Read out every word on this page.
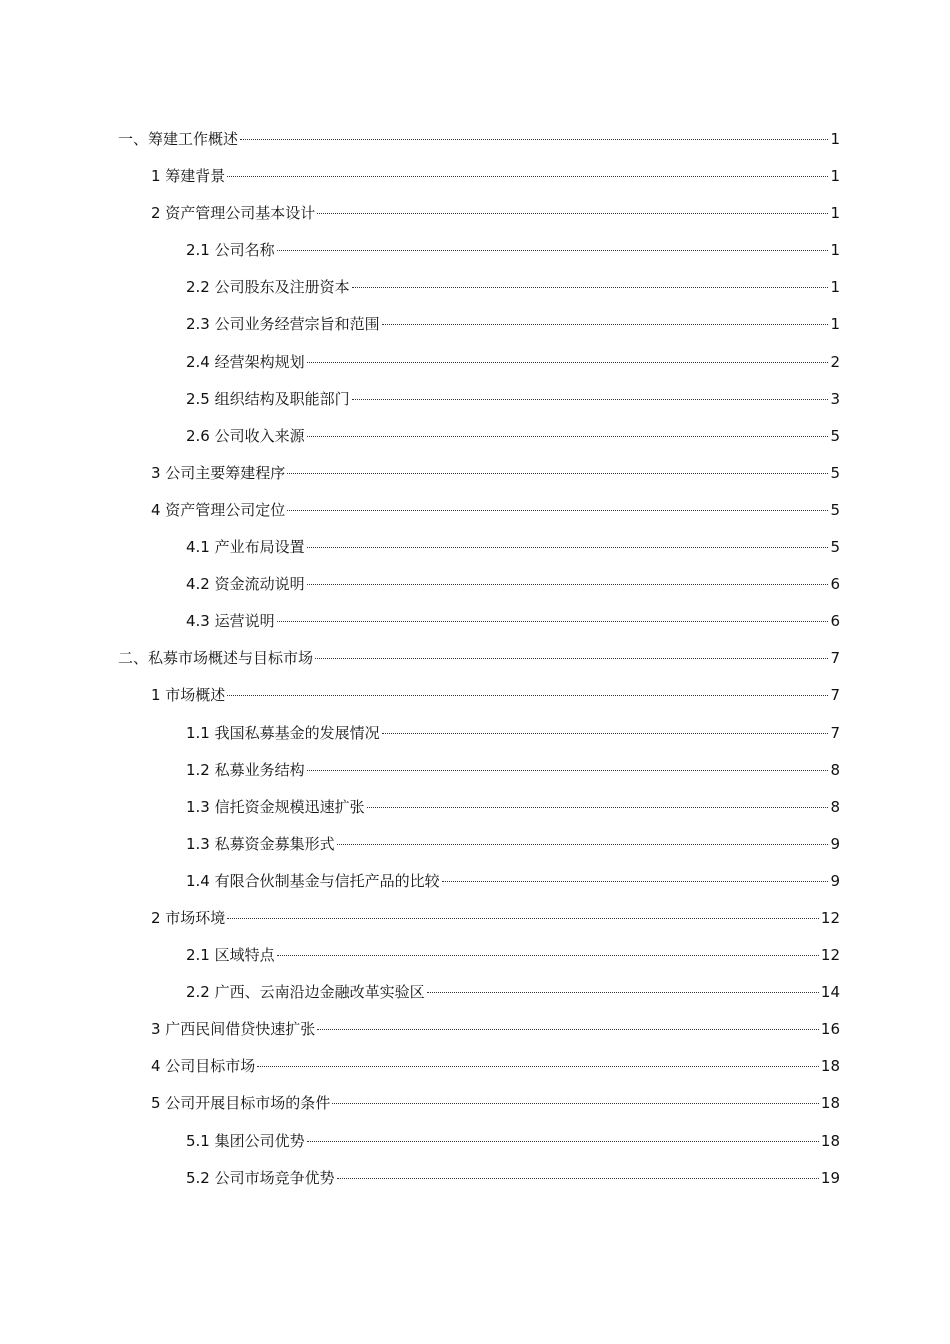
一、筹建工作概述	1
1 筹建背景	1
2 资产管理公司基本设计	1
2.1 公司名称	1
2.2 公司股东及注册资本	1
2.3 公司业务经营宗旨和范围	1
2.4 经营架构规划	2
2.5 组织结构及职能部门	3
2.6 公司收入来源	5
3 公司主要筹建程序	5
4 资产管理公司定位	5
4.1 产业布局设置	5
4.2 资金流动说明	6
4.3 运营说明	6
二、私募市场概述与目标市场	7
1 市场概述	7
1.1 我国私募基金的发展情况	7
1.2 私募业务结构	8
1.3 信托资金规模迅速扩张	8
1.3 私募资金募集形式	9
1.4 有限合伙制基金与信托产品的比较	9
2 市场环境	12
2.1 区域特点	12
2.2 广西、云南沿边金融改革实验区	14
3 广西民间借贷快速扩张	16
4 公司目标市场	18
5 公司开展目标市场的条件	18
5.1 集团公司优势	18
5.2 公司市场竞争优势	19
